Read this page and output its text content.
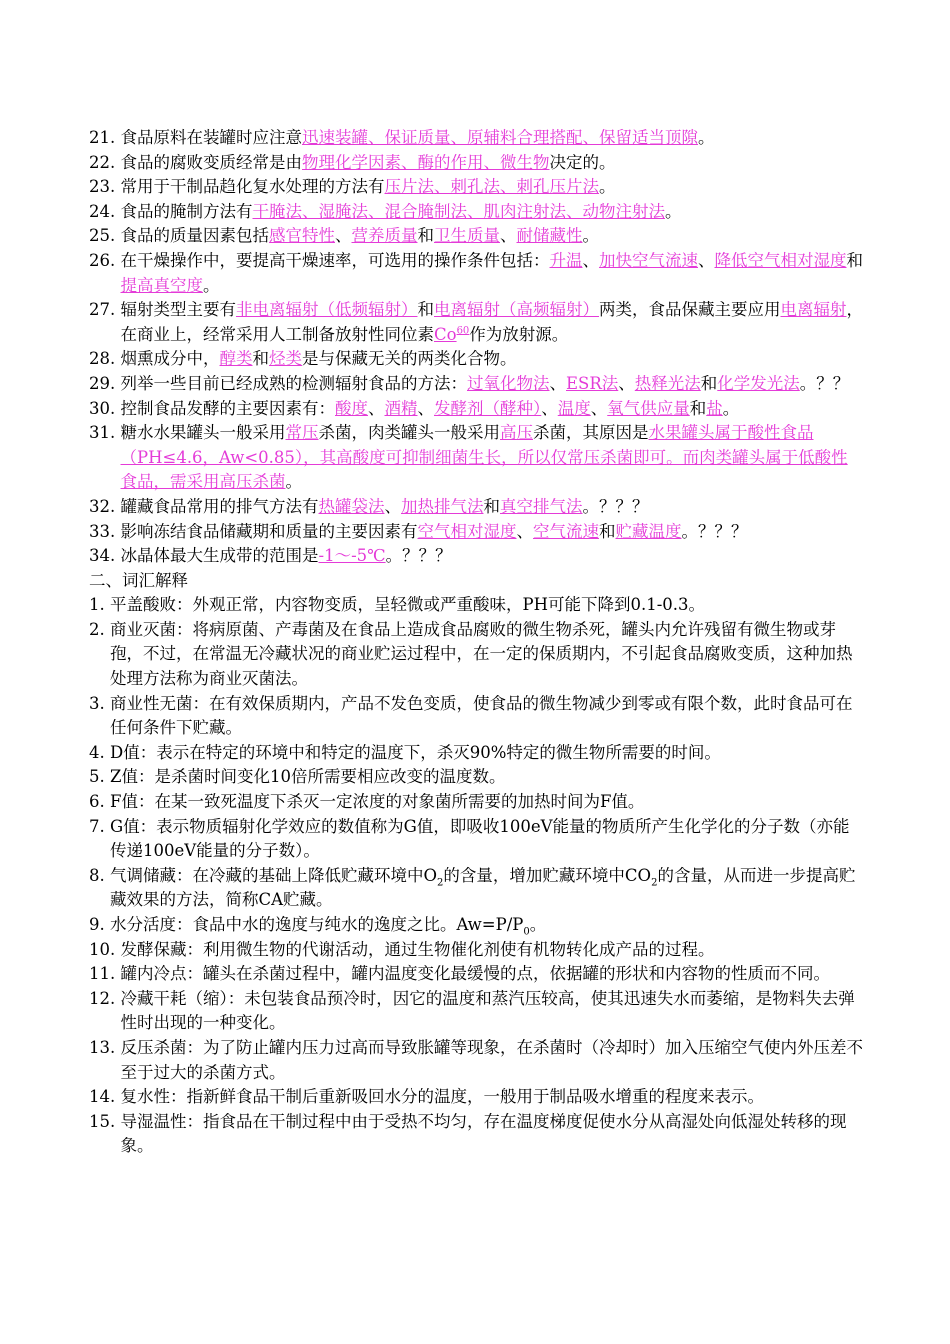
21. 食品原料在装罐时应注意迅速装罐、保证质量、原辅料合理搭配、保留适当顶隙。
22. 食品的腐败变质经常是由物理化学因素、酶的作用、微生物决定的。
23. 常用于干制品趋化复水处理的方法有压片法、刺孔法、刺孔压片法。
24. 食品的腌制方法有干腌法、湿腌法、混合腌制法、肌肉注射法、动物注射法。
25. 食品的质量因素包括感官特性、营养质量和卫生质量、耐储藏性。
26. 在干燥操作中，要提高干燥速率，可选用的操作条件包括：升温、加快空气流速、降低空气相对湿度和提高真空度。
27. 辐射类型主要有非电离辐射（低频辐射）和电离辐射（高频辐射）两类，食品保藏主要应用电离辐射，在商业上，经常采用人工制备放射性同位素Co$^{60}$作为放射源。
28. 烟熏成分中，醇类和烃类是与保藏无关的两类化合物。
29. 列举一些目前已经成熟的检测辐射食品的方法：过氧化物法、ESR法、热释光法和化学发光法。？？
30. 控制食品发酵的主要因素有：酸度、酒精、发酵剂（酵种）、温度、氧气供应量和盐。
31. 糖水水果罐头一般采用常压杀菌，肉类罐头一般采用高压杀菌，其原因是水果罐头属于酸性食品（PH≤4.6，Aw<0.85），其高酸度可抑制细菌生长，所以仅常压杀菌即可。而肉类罐头属于低酸性食品，需采用高压杀菌。
32. 罐藏食品常用的排气方法有热罐袋法、加热排气法和真空排气法。？？？
33. 影响冻结食品储藏期和质量的主要因素有空气相对湿度、空气流速和贮藏温度。？？？
34. 冰晶体最大生成带的范围是-1～-5℃。？？？
二、词汇解释
1. 平盖酸败：外观正常，内容物变质，呈轻微或严重酸味，PH可能下降到0.1-0.3。
2. 商业灭菌：将病原菌、产毒菌及在食品上造成食品腐败的微生物杀死，罐头内允许残留有微生物或芽孢，不过，在常温无冷藏状况的商业贮运过程中，在一定的保质期内，不引起食品腐败变质，这种加热处理方法称为商业灭菌法。
3. 商业性无菌：在有效保质期内，产品不发色变质，使食品的微生物减少到零或有限个数，此时食品可在任何条件下贮藏。
4. D值：表示在特定的环境中和特定的温度下，杀灭90%特定的微生物所需要的时间。
5. Z值：是杀菌时间变化10倍所需要相应改变的温度数。
6. F值：在某一致死温度下杀灭一定浓度的对象菌所需要的加热时间为F值。
7. G值：表示物质辐射化学效应的数值称为G值，即吸收100eV能量的物质所产生化学化的分子数（亦能传递100eV能量的分子数）。
8. 气调储藏：在冷藏的基础上降低贮藏环境中$O_2$的含量，增加贮藏环境中$CO_2$的含量，从而进一步提高贮藏效果的方法，简称CA贮藏。
9. 水分活度：食品中水的逸度与纯水的逸度之比。$Aw=P/P_0$。
10. 发酵保藏：利用微生物的代谢活动，通过生物催化剂使有机物转化成产品的过程。
11. 罐内冷点：罐头在杀菌过程中，罐内温度变化最缓慢的点，依据罐的形状和内容物的性质而不同。
12. 冷藏干耗（缩）：未包装食品预冷时，因它的温度和蒸汽压较高，使其迅速失水而萎缩，是物料失去弹性时出现的一种变化。
13. 反压杀菌：为了防止罐内压力过高而导致胀罐等现象，在杀菌时（冷却时）加入压缩空气使内外压差不至于过大的杀菌方式。
14. 复水性：指新鲜食品干制后重新吸回水分的温度，一般用于制品吸水增重的程度来表示。
15. 导湿温性：指食品在干制过程中由于受热不均匀，存在温度梯度促使水分从高湿处向低湿处转移的现象。
